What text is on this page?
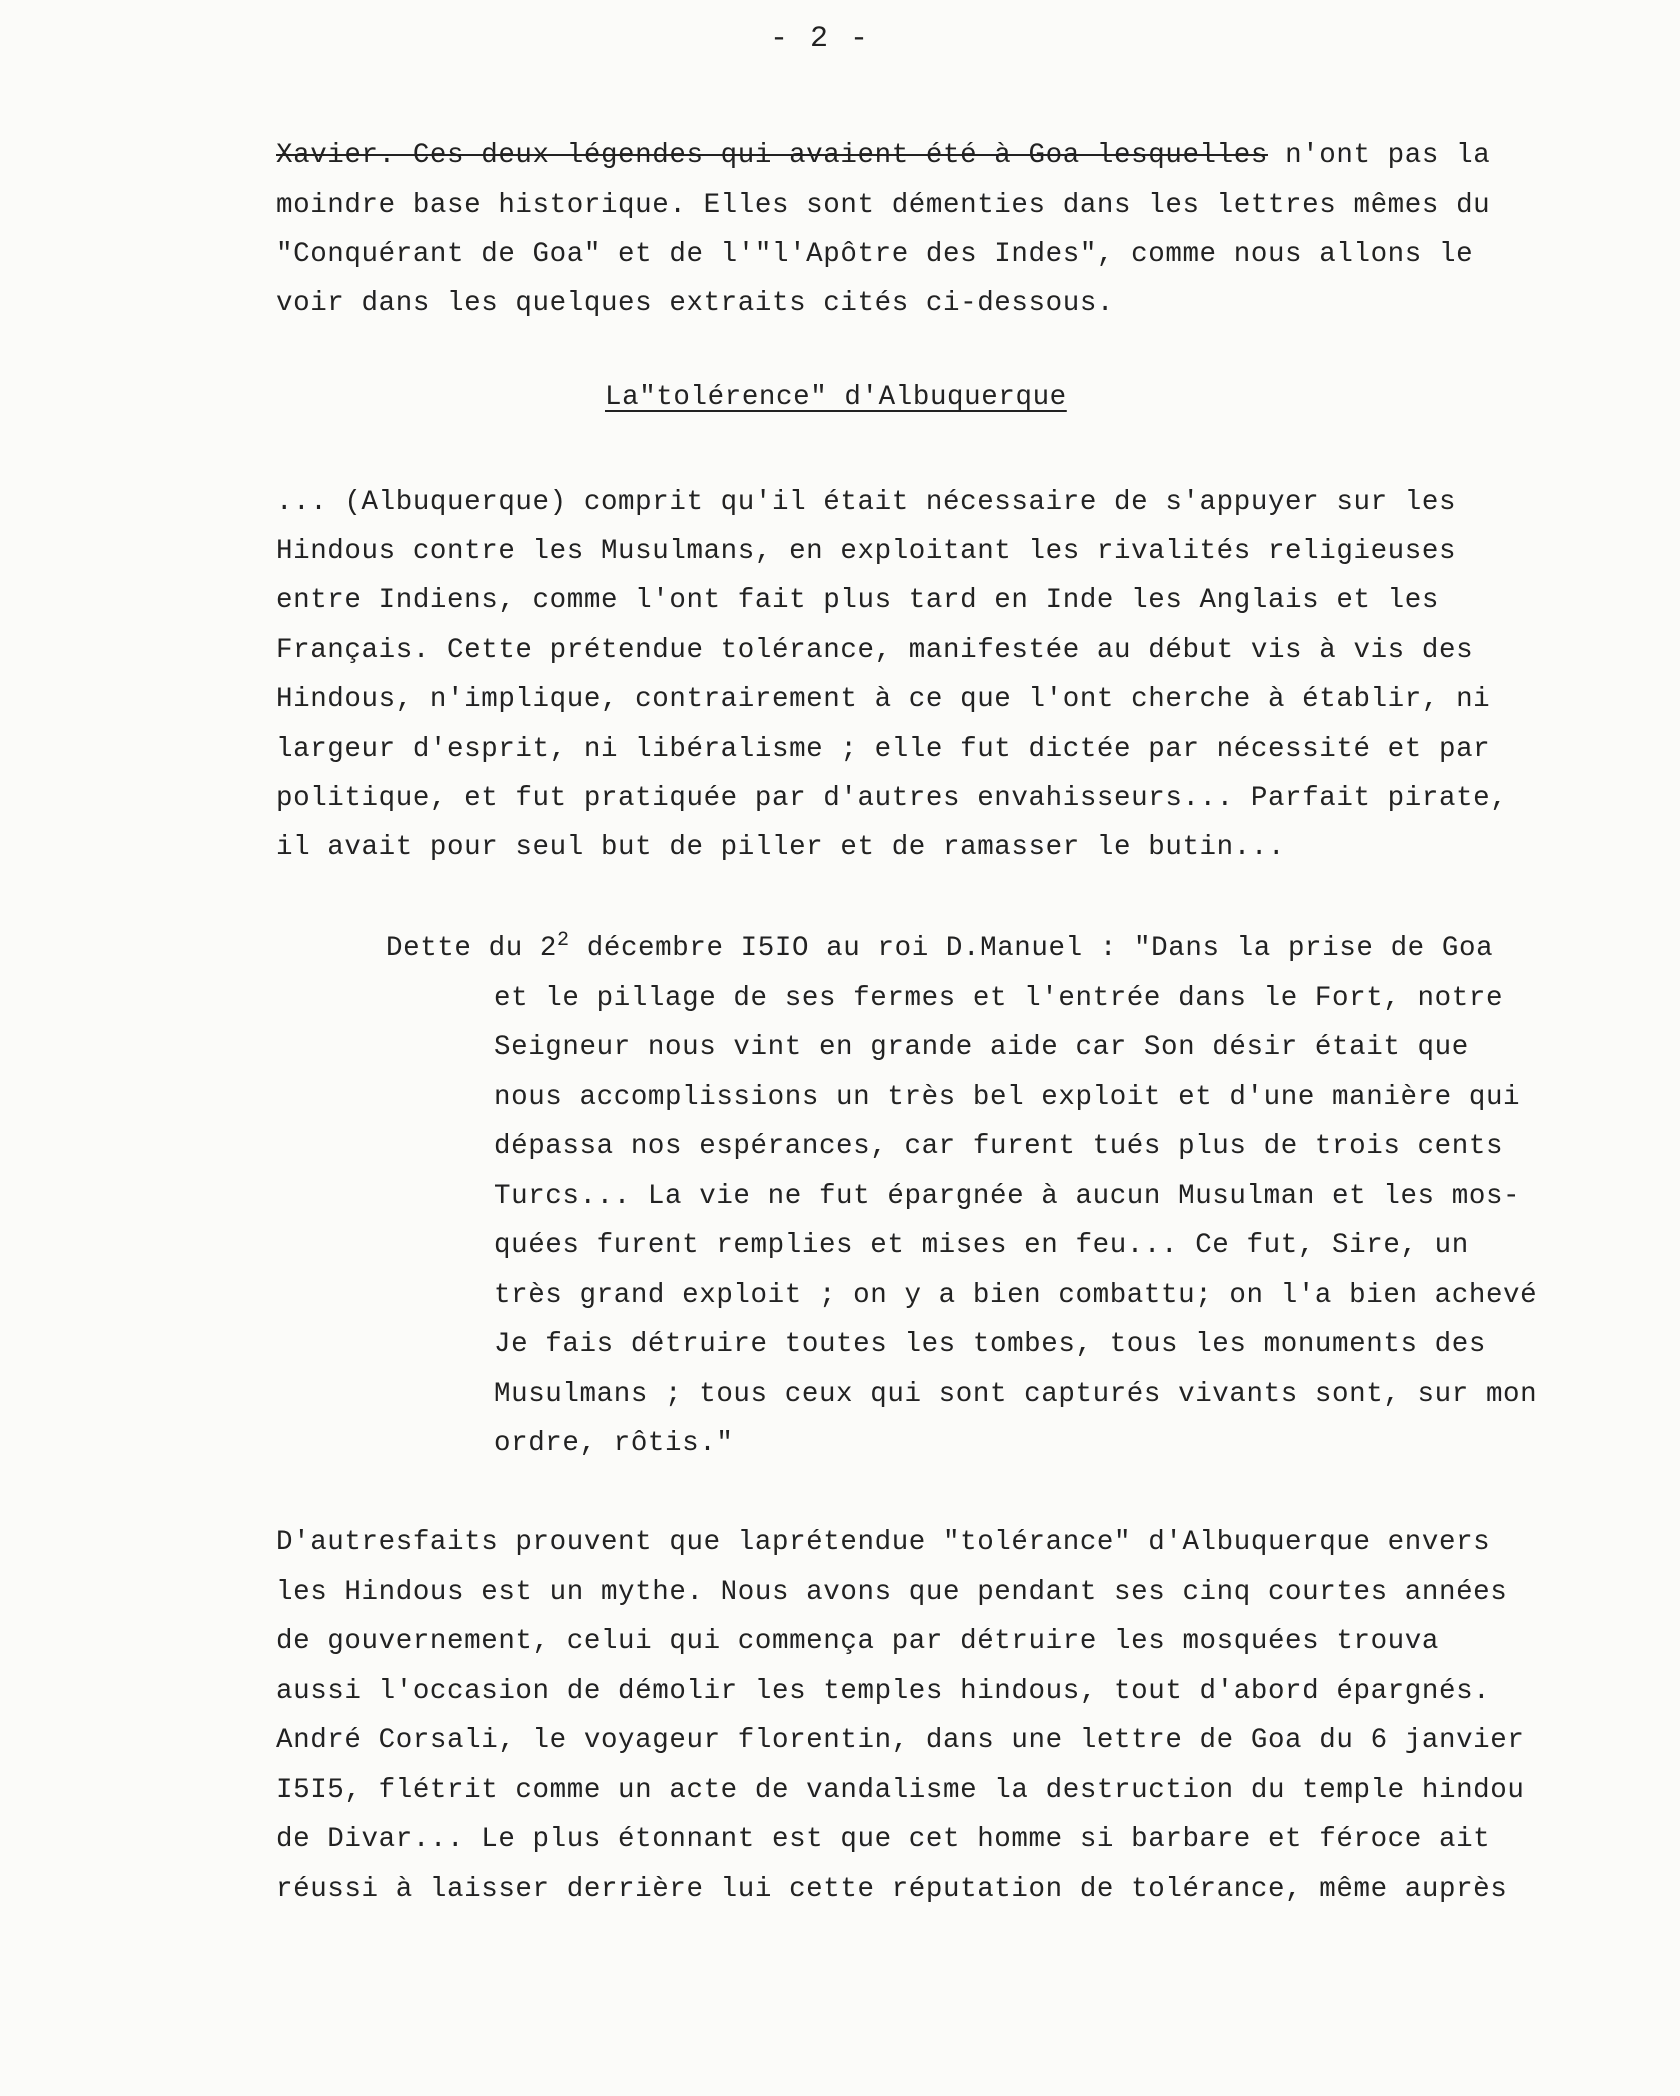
- 2 -
Xavier. Ces deux légendes qui avaient été à Goa lesquelles n'ont pas la
moindre base historique. Elles sont démenties dans les lettres mêmes du
"Conquérant de Goa" et de l'"l'Apôtre des Indes", comme nous allons le
voir dans les quelques extraits cités ci-dessous.
La"tolérence" d'Albuquerque
... (Albuquerque) comprit qu'il était nécessaire de s'appuyer sur les
Hindous contre les Musulmans, en exploitant les rivalités religieuses
entre Indiens, comme l'ont fait plus tard en Inde les Anglais et les
Français. Cette prétendue tolérance, manifestée au début vis à vis des
Hindous, n'implique, contrairement à ce que l'ont cherche à établir, ni
largeur d'esprit, ni libéralisme ; elle fut dictée par nécessité et par
politique, et fut pratiquée par d'autres envahisseurs... Parfait pirate,
il avait pour seul but de piller et de ramasser le butin...
Dette du $2^2$ décembre I5IO au roi D.Manuel : "Dans la prise de Goa
et le pillage de ses fermes et l'entrée dans le Fort, notre
Seigneur nous vint en grande aide car Son désir était que
nous accomplissions un très bel exploit et d'une manière qui
dépassa nos espérances, car furent tués plus de trois cents
Turcs... La vie ne fut épargnée à aucun Musulman et les mos-
quées furent remplies et mises en feu... Ce fut, Sire, un
très grand exploit ; on y a bien combattu; on l'a bien achevé
Je fais détruire toutes les tombes, tous les monuments des
Musulmans ; tous ceux qui sont capturés vivants sont, sur mon
ordre, rôtis."
D'autresfaits prouvent que laprétendue "tolérance" d'Albuquerque envers
les Hindous est un mythe. Nous avons que pendant ses cinq courtes années
de gouvernement, celui qui commença par détruire les mosquées trouva
aussi l'occasion de démolir les temples hindous, tout d'abord épargnés.
André Corsali, le voyageur florentin, dans une lettre de Goa du 6 janvier
I5I5, flétrit comme un acte de vandalisme la destruction du temple hindou
de Divar... Le plus étonnant est que cet homme si barbare et féroce ait
réussi à laisser derrière lui cette réputation de tolérance, même auprès
